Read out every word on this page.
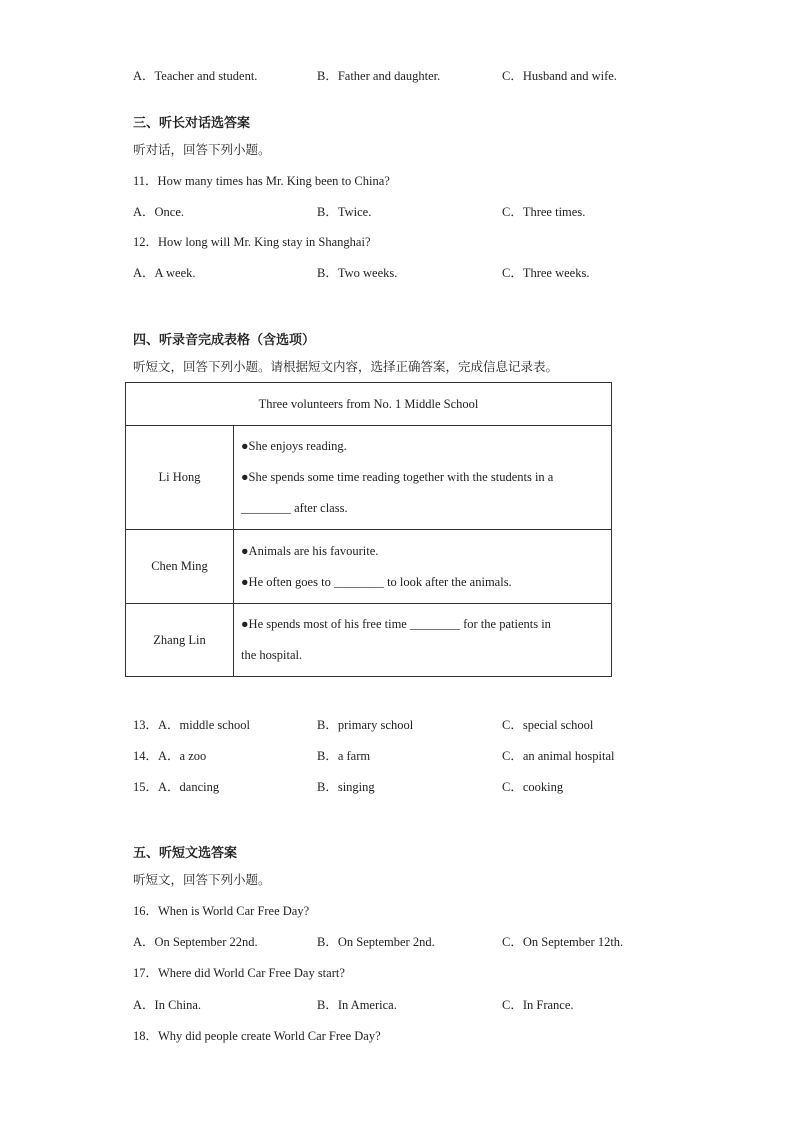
A．Teacher and student.	B．Father and daughter.	C．Husband and wife.
三、听长对话选答案
听对话，回答下列小题。
11．How many times has Mr. King been to China?
A．Once.	B．Twice.	C．Three times.
12．How long will Mr. King stay in Shanghai?
A．A week.	B．Two weeks.	C．Three weeks.
四、听录音完成表格（含选项）
听短文，回答下列小题。请根据短文内容，选择正确答案，完成信息记录表。
Three volunteers from No. 1 Middle School	
Li Hong	●She enjoys reading.
●She spends some time reading together with the students in a
________ after class.

Chen Ming	●Animals are his favourite.
●He often goes to ________ to look after the animals.

Zhang Lin	●He spends most of his free time ________ for the patients in
the hospital.
13．A．middle school	B．primary school	C．special school
14．A．a zoo	B．a farm	C．an animal hospital
15．A．dancing	B．singing	C．cooking
五、听短文选答案
听短文，回答下列小题。
16．When is World Car Free Day?
A．On September 22nd.	B．On September 2nd.	C．On September 12th.
17．Where did World Car Free Day start?
A．In China.	B．In America.	C．In France.
18．Why did people create World Car Free Day?
